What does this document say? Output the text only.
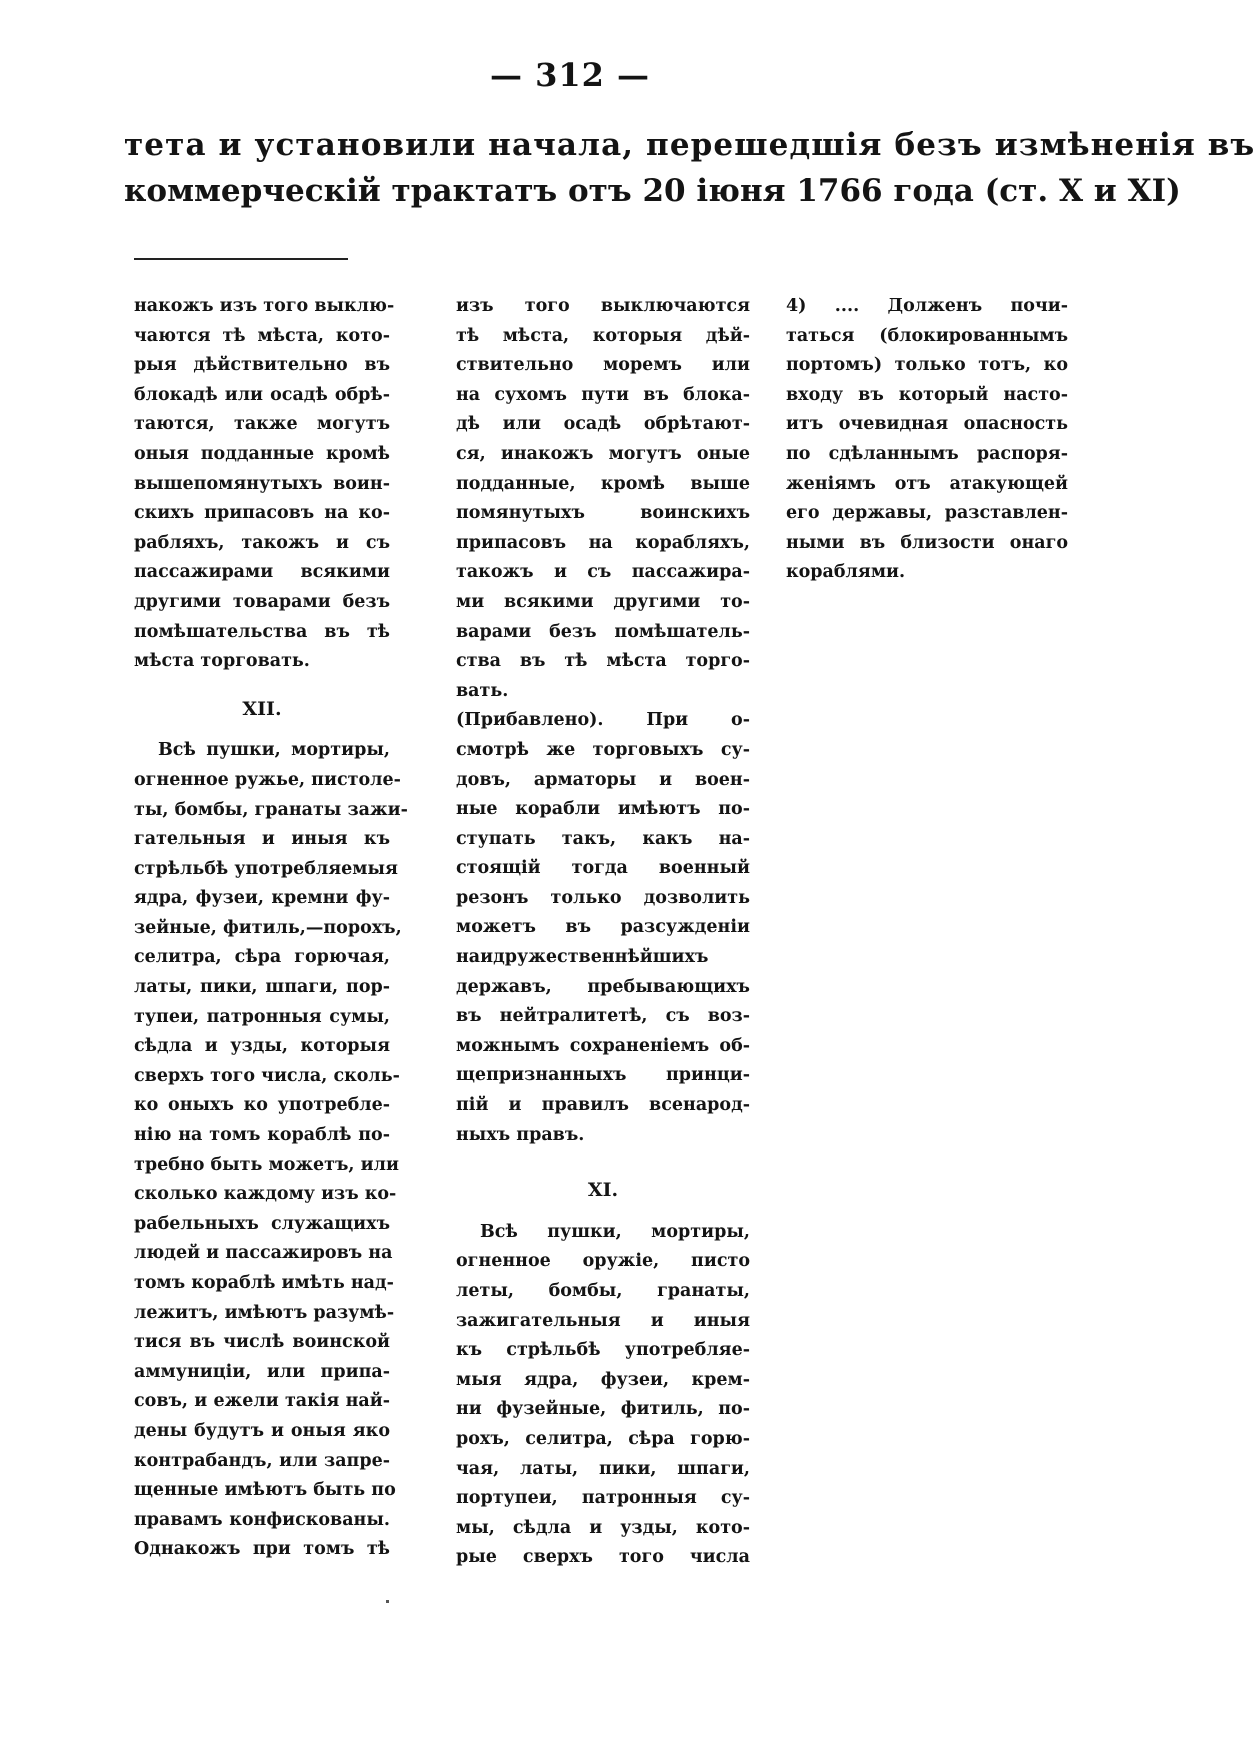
— 312 —
тета и установили начала, перешедшія безъ измѣненія въ
коммерческій трактатъ отъ 20 іюня 1766 года (ст. X и XI)
накожъ изъ того выклю-
чаются тѣ мѣста, кото-
рыя дѣйствительно въ
блокадѣ или осадѣ обрѣ-
таются, также могутъ
оныя подданные кромѣ
вышепомянутыхъ воин-
скихъ припасовъ на ко-
рабляхъ, такожъ и съ
пассажирами всякими
другими товарами безъ
помѣшательства въ тѣ
мѣста торговать.
XII.
Всѣ пушки, мортиры,
огненное ружье, пистоле-
ты, бомбы, гранаты зажи-
гательныя и иныя къ
стрѣльбѣ употребляемыя
ядра, фузеи, кремни фу-
зейные, фитиль,—порохъ,
селитра, сѣра горючая,
латы, пики, шпаги, пор-
тупеи, патронныя сумы,
сѣдла и узды, которыя
сверхъ того числа, сколь-
ко оныхъ ко употребле-
нію на томъ кораблѣ по-
требно быть можетъ, или
сколько каждому изъ ко-
рабельныхъ служащихъ
людей и пассажировъ на
томъ кораблѣ имѣть над-
лежитъ, имѣютъ разумѣ-
тися въ числѣ воинской
аммуниціи, или припа-
совъ, и ежели такія най-
дены будутъ и оныя яко
контрабандъ, или запре-
щенные имѣютъ быть по
правамъ конфискованы.
Однакожъ при томъ тѣ
изъ того выключаются
тѣ мѣста, которыя дѣй-
ствительно моремъ или
на сухомъ пути въ блока-
дѣ или осадѣ обрѣтают-
ся, инакожъ могутъ оные
подданные, кромѣ выше
помянутыхъ воинскихъ
припасовъ на корабляхъ,
такожъ и съ пассажира-
ми всякими другими то-
варами безъ помѣшатель-
ства въ тѣ мѣста торго-
вать.
(Прибавлено). При о-
смотрѣ же торговыхъ су-
довъ, арматоры и воен-
ные корабли имѣютъ по-
ступать такъ, какъ на-
стоящій тогда военный
резонъ только дозволить
можетъ въ разсужденіи
наидружественнѣйшихъ
державъ, пребывающихъ
въ нейтралитетѣ, съ воз-
можнымъ сохраненіемъ об-
щепризнанныхъ принци-
пій и правилъ всенарод-
ныхъ правъ.
XI.
Всѣ пушки, мортиры,
огненное оружіе, писто
леты, бомбы, гранаты,
зажигательныя и иныя
къ стрѣльбѣ употребляе-
мыя ядра, фузеи, крем-
ни фузейные, фитиль, по-
рохъ, селитра, сѣра горю-
чая, латы, пики, шпаги,
портупеи, патронныя су-
мы, сѣдла и узды, кото-
рые сверхъ того числа
4) .... Долженъ почи-
таться (блокированнымъ
портомъ) только тотъ, ко
входу въ который насто-
итъ очевидная опасность
по сдѣланнымъ распоря-
женіямъ отъ атакующей
его державы, разставлен-
ными въ близости онаго
кораблями.
